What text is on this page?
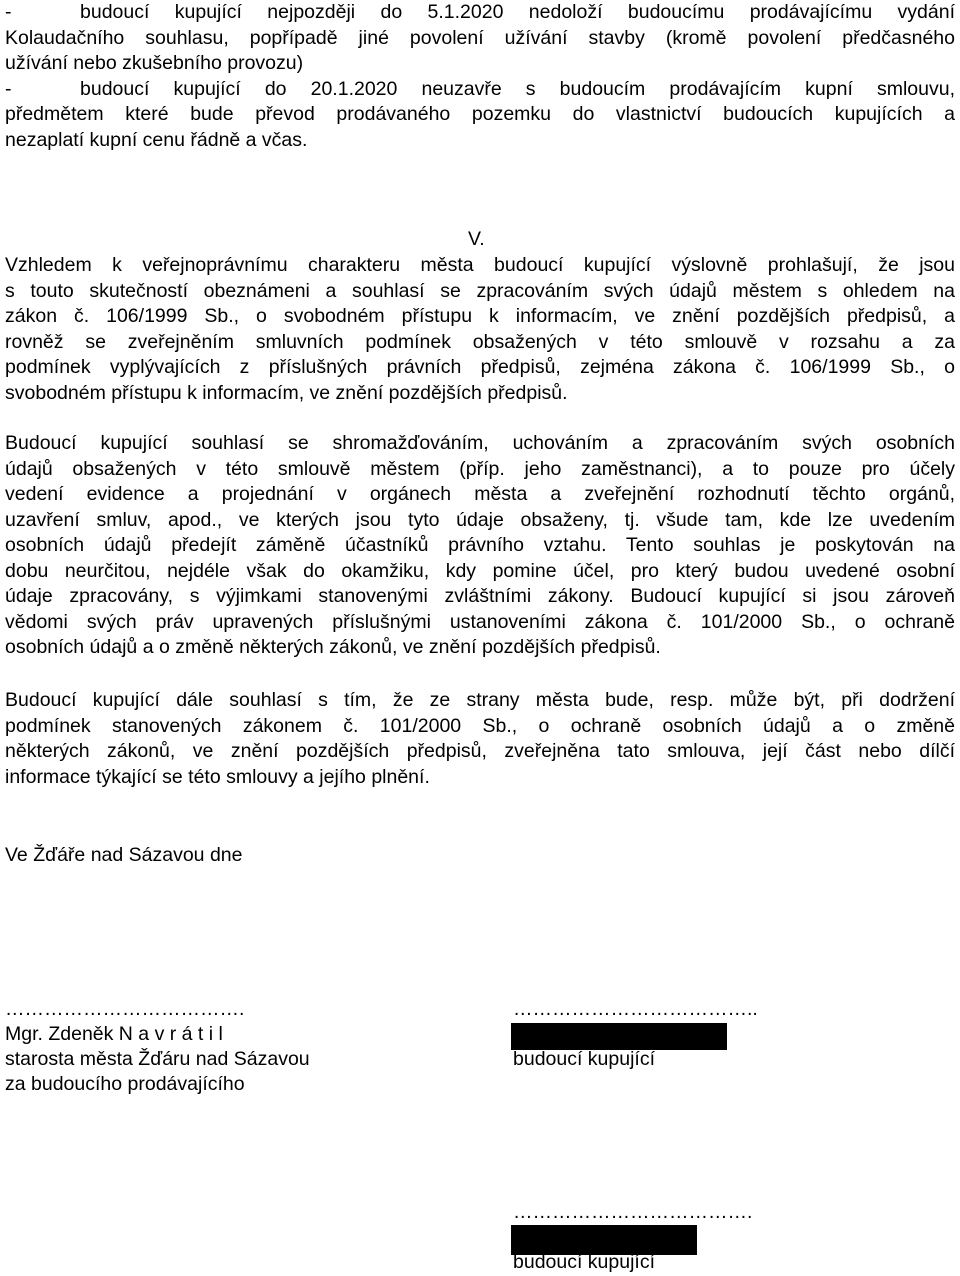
-	budoucí kupující nejpozději do 5.1.2020 nedoloží budoucímu prodávajícímu vydání
Kolaudačního souhlasu, popřípadě jiné povolení užívání stavby (kromě povolení předčasného
užívání nebo zkušebního provozu)
-	budoucí kupující do 20.1.2020 neuzavře s budoucím prodávajícím kupní smlouvu,
předmětem které bude převod prodávaného pozemku do vlastnictví budoucích kupujících a
nezaplatí kupní cenu řádně a včas.
V.
Vzhledem k veřejnoprávnímu charakteru města budoucí kupující výslovně prohlašují, že jsou
s touto skutečností obeznámeni a souhlasí se zpracováním svých údajů městem s ohledem na
zákon č. 106/1999 Sb., o svobodném přístupu k informacím, ve znění pozdějších předpisů, a
rovněž se zveřejněním smluvních podmínek obsažených v této smlouvě v rozsahu a za
podmínek vyplývajících z příslušných právních předpisů, zejména zákona č. 106/1999 Sb., o
svobodném přístupu k informacím, ve znění pozdějších předpisů.
Budoucí kupující souhlasí se shromažďováním, uchováním a zpracováním svých osobních
údajů obsažených v této smlouvě městem (příp. jeho zaměstnanci), a to pouze pro účely
vedení evidence a projednání v orgánech města a zveřejnění rozhodnutí těchto orgánů,
uzavření smluv, apod., ve kterých jsou tyto údaje obsaženy, tj. všude tam, kde lze uvedením
osobních údajů předejít záměně účastníků právního vztahu. Tento souhlas je poskytován na
dobu neurčitou, nejdéle však do okamžiku, kdy pomine účel, pro který budou uvedené osobní
údaje zpracovány, s výjimkami stanovenými zvláštními zákony. Budoucí kupující si jsou zároveň
vědomi svých práv upravených příslušnými ustanoveními zákona č. 101/2000 Sb., o ochraně
osobních údajů a o změně některých zákonů, ve znění pozdějších předpisů.
Budoucí kupující dále souhlasí s tím, že ze strany města bude, resp. může být, při dodržení
podmínek stanovených zákonem č. 101/2000 Sb., o ochraně osobních údajů a o změně
některých zákonů, ve znění pozdějších předpisů, zveřejněna tato smlouva, její část nebo dílčí
informace týkající se této smlouvy a jejího plnění.
Ve Žďáře nad Sázavou dne
……………………………….
Mgr. Zdeněk N a v r á t i l
starosta města Žďáru nad Sázavou
za budoucího prodávajícího
………………………………..
budoucí kupující
……………………………….
budoucí kupující
